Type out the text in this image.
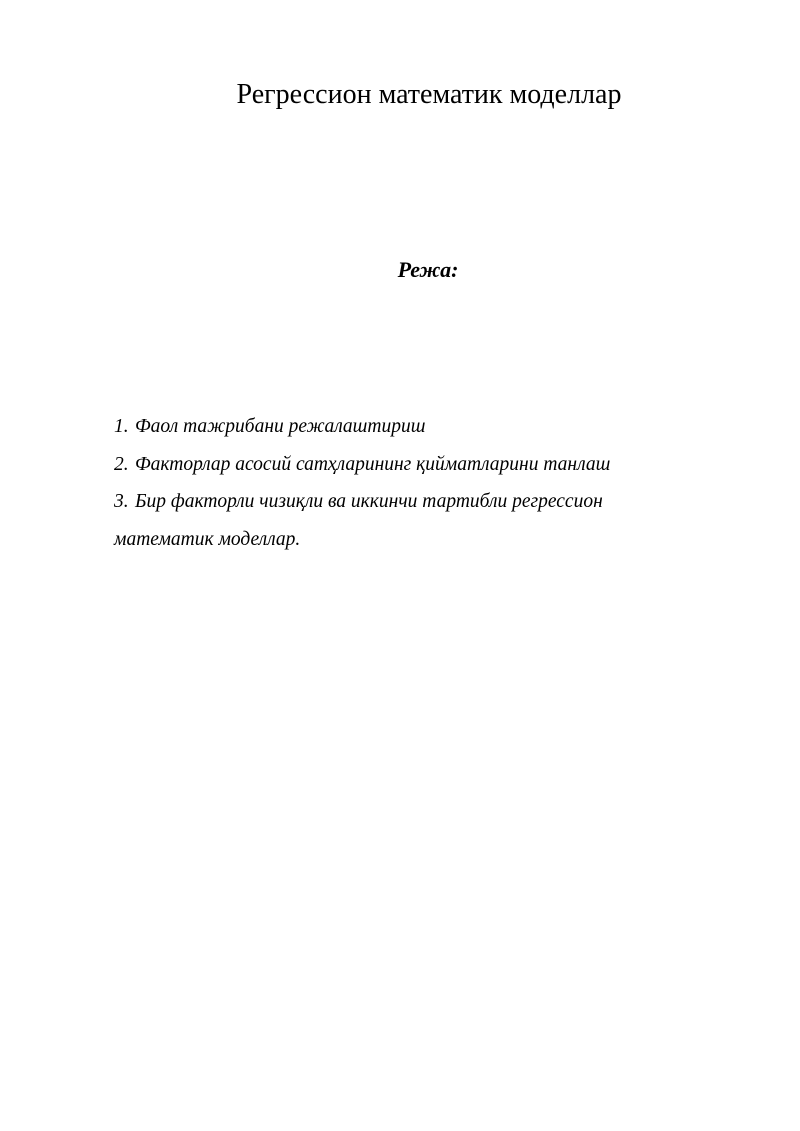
Регрессион математик моделлар
Режа:
1. Фаол тажрибани режалаштириш
2. Факторлар асосий сатҳларининг қийматларини танлаш
3. Бир факторли чизиқли ва иккинчи тартибли регрессион
математик моделлар.
